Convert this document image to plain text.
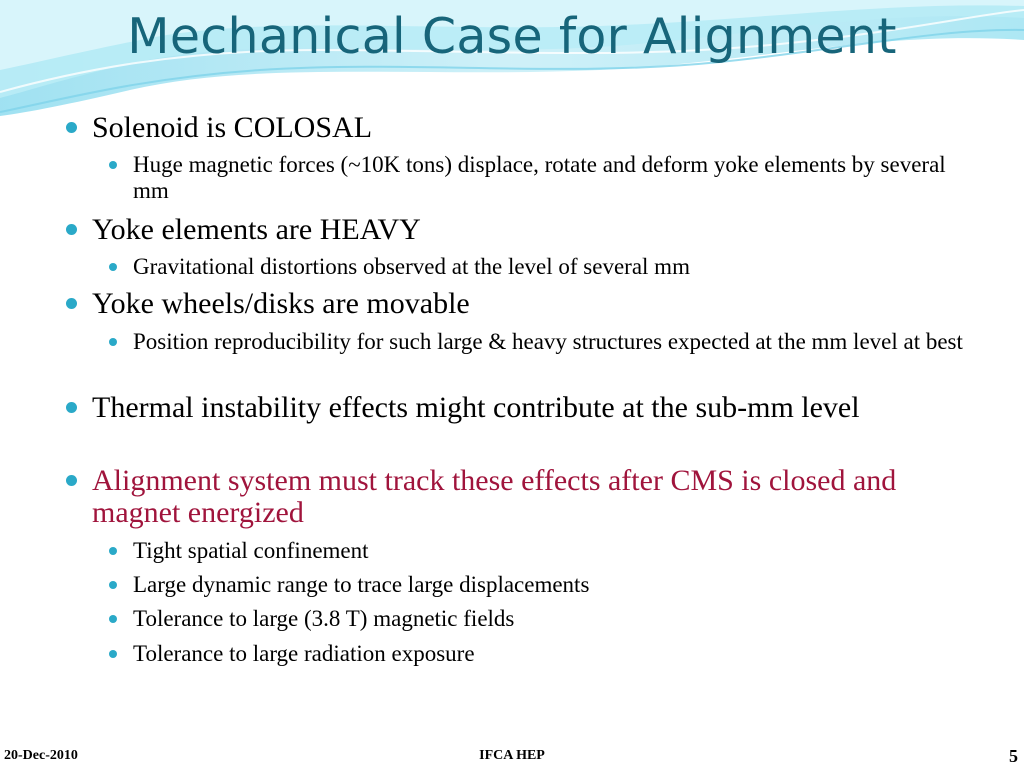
Mechanical Case for Alignment
Solenoid is COLOSAL
Huge magnetic forces (~10K tons) displace, rotate and deform yoke elements by several mm
Yoke elements are HEAVY
Gravitational distortions observed at the level of several mm
Yoke wheels/disks are movable
Position reproducibility for such large & heavy structures expected at the mm level at best
Thermal instability effects might contribute at the sub-mm level
Alignment system must track these effects after CMS is closed and magnet energized
Tight spatial confinement
Large dynamic range to trace large displacements
Tolerance to large (3.8 T) magnetic fields
Tolerance to large radiation exposure
20-Dec-2010	IFCA HEP	5
